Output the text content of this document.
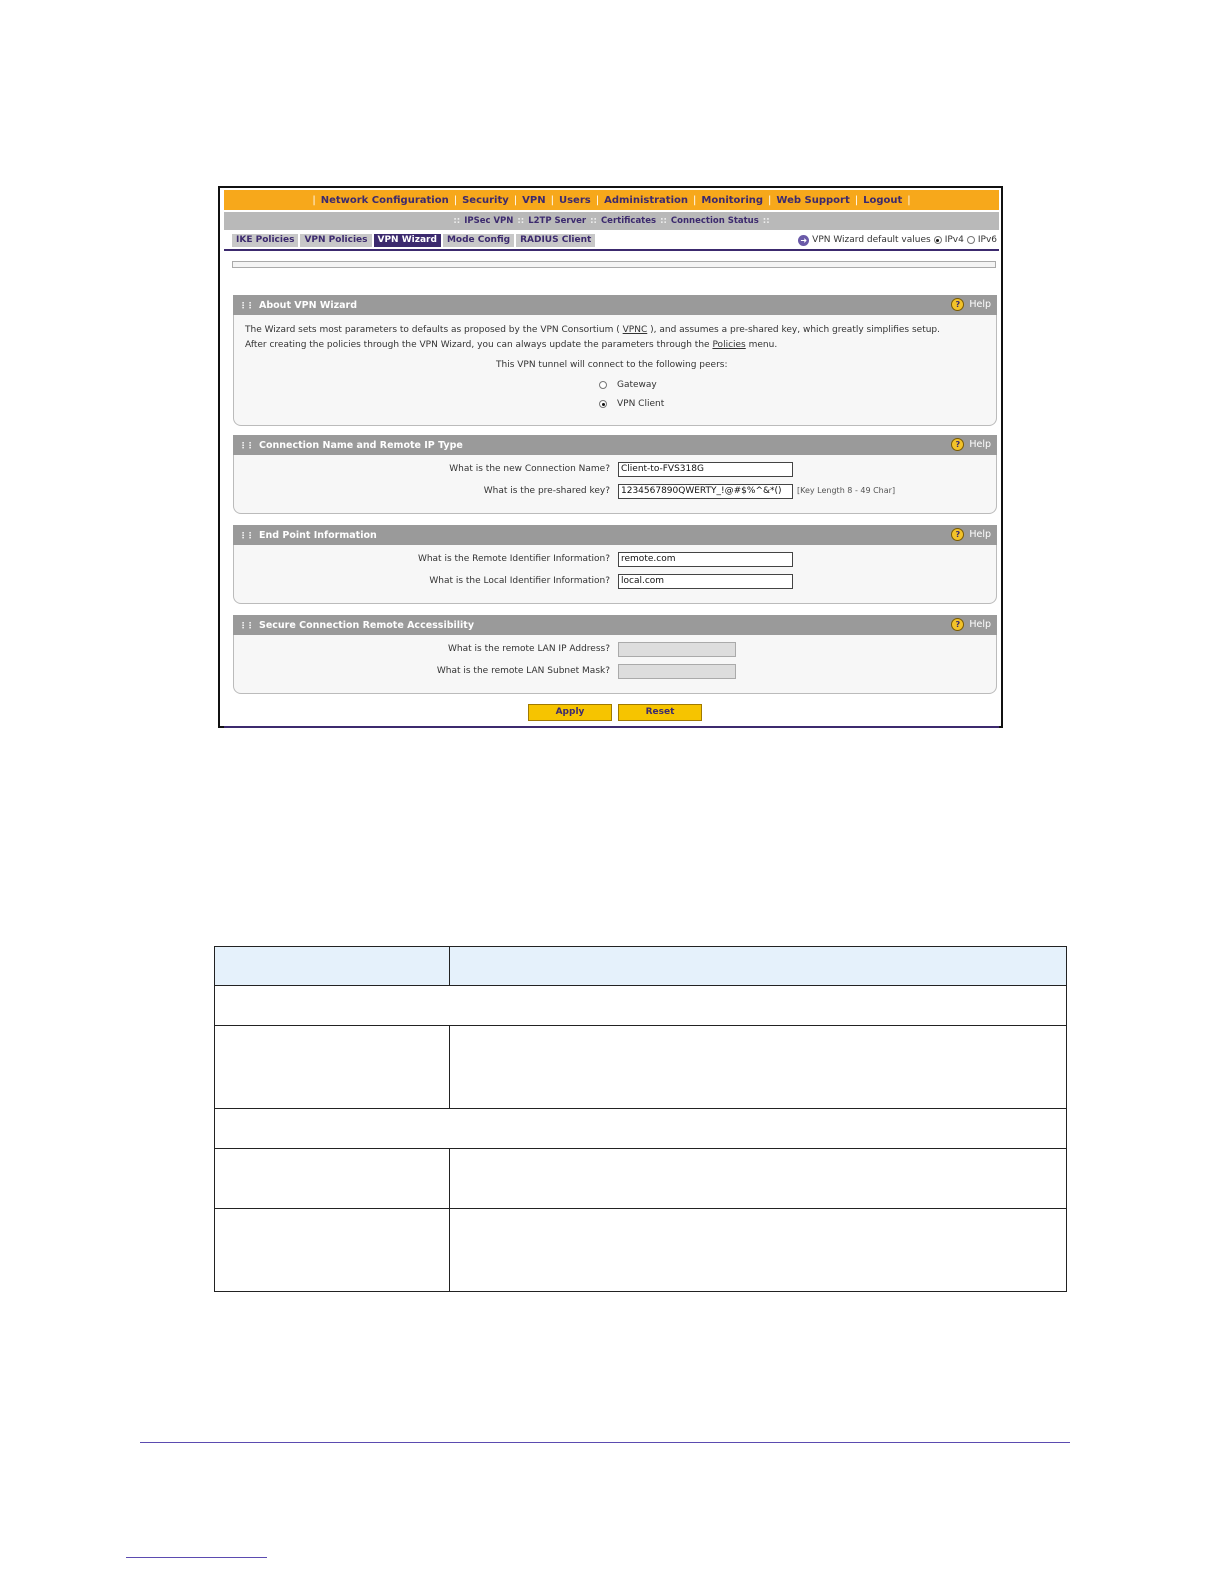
| Network Configuration | Security | VPN | Users | Administration | Monitoring | Web Support | Logout |
:: IPSec VPN :: L2TP Server :: Certificates :: Connection Status ::
IKE Policies	VPN Policies	VPN Wizard	Mode Config	RADIUS Client	➜ VPN Wizard default values IPv4 IPv6
⋮⋮ About VPN Wizard	? Help
The Wizard sets most parameters to defaults as proposed by the VPN Consortium ( VPNC ), and assumes a pre-shared key, which greatly simplifies setup.
After creating the policies through the VPN Wizard, you can always update the parameters through the Policies menu.
This VPN tunnel will connect to the following peers:
Gateway
VPN Client
⋮⋮ Connection Name and Remote IP Type	? Help
What is the new Connection Name?	Client-to-FVS318G
What is the pre-shared key?	1234567890QWERTY_!@#$%^&*()	[Key Length 8 - 49 Char]
⋮⋮ End Point Information	? Help
What is the Remote Identifier Information?	remote.com
What is the Local Identifier Information?	local.com
⋮⋮ Secure Connection Remote Accessibility	? Help
What is the remote LAN IP Address?
What is the remote LAN Subnet Mask?
Apply	Reset
